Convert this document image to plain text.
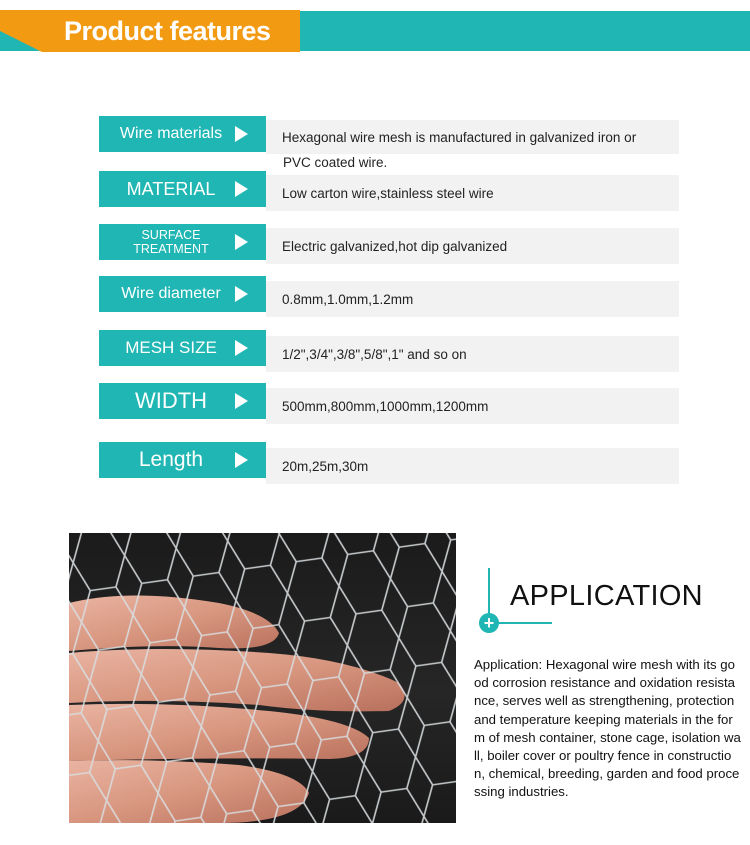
Product features
Wire materials	Hexagonal wire mesh is manufactured in galvanized iron or
PVC coated wire.
MATERIAL	Low carton wire,stainless steel wire
SURFACE
TREATMENT	Electric galvanized,hot dip galvanized
Wire diameter	0.8mm,1.0mm,1.2mm
MESH SIZE	1/2",3/4",3/8",5/8",1" and so on
WIDTH	500mm,800mm,1000mm,1200mm
Length	20m,25m,30m
+
APPLICATION
Application: Hexagonal wire mesh with its good corrosion resistance and oxidation resistance, serves well as strengthening, protection and temperature keeping materials in the form of mesh container, stone cage, isolation wall, boiler cover or poultry fence in construction, chemical, breeding, garden and food processing industries.
